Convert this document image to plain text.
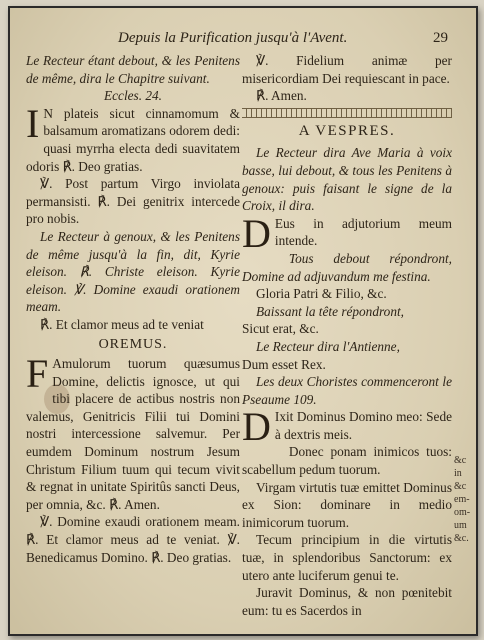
Depuis la Purification jusqu'à l'Avent.	29

Le Recteur étant debout, & les Penitens de même, dira le Chapitre suivant.

Eccles. 24.

I N plateis sicut cinnamomum & balsamum aromatizans odorem dedi: quasi myrrha electa dedi suavitatem odoris ℟. Deo gratias.

℣. Post partum Virgo inviolata permansisti. ℟. Dei genitrix intercede pro nobis.

Le Recteur à genoux, & les Penitens de même jusqu'à la fin, dit, Kyrie eleison. ℟. Christe eleison. Kyrie eleison. ℣. Domine exaudi orationem meam.

℟. Et clamor meus ad te veniat

OREMUS.

F Amulorum tuorum quæsumus Domine, delictis ignosce, ut qui tibi placere de actibus nostris non valemus, Genitricis Filii tui Domini nostri intercessione salvemur. Per eumdem Dominum nostrum Jesum Christum Filium tuum qui tecum vivit & regnat in unitate Spiritûs sancti Deus, per omnia, &c. ℟. Amen.

℣. Domine exaudi orationem meam. ℟. Et clamor meus ad te veniat. ℣. Benedicamus Domino. ℟. Deo gratias.

℣. Fidelium animæ per misericordiam Dei requiescant in pace.

℟. Amen.

A VESPRES.

Le Recteur dira Ave Maria à voix basse, lui debout, & tous les Penitens à genoux: puis faisant le signe de la Croix, il dira.

D Eus in adjutorium meum intende.

Tous debout répondront, Domine ad adjuvandum me festina.

Gloria Patri & Filio, &c.

Baissant la tête répondront,

Sicut erat, &c.

Le Recteur dira l'Antienne,

Dum esset Rex.

Les deux Choristes commenceront le Pseaume 109.

D Ixit Dominus Domino meo: Sede à dextris meis.

Donec ponam inimicos tuos: scabellum pedum tuorum.

Virgam virtutis tuæ emittet Dominus ex Sion: dominare in medio inimicorum tuorum.

Tecum principium in die virtutis tuæ, in splendoribus Sanctorum: ex utero ante luciferum genui te.

Juravit Dominus, & non pœnitebit eum: tu es Sacerdos in

&c
in
&c
em-
om-
um
&c.
